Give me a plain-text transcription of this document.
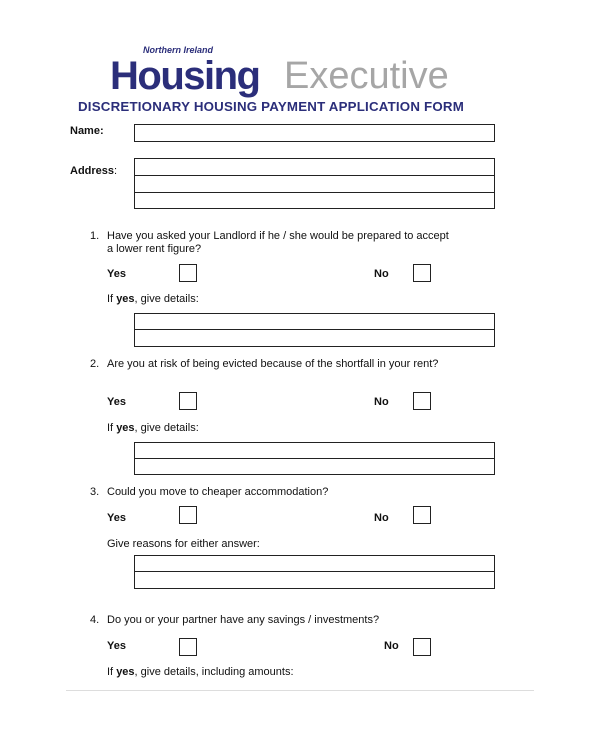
Northern Ireland
Housing Executive
DISCRETIONARY HOUSING PAYMENT APPLICATION FORM
Name:
Address:
1. Have you asked your Landlord if he / she would be prepared to accept
a lower rent figure?
Yes	No
If yes, give details:
2. Are you at risk of being evicted because of the shortfall in your rent?
Yes	No
If yes, give details:
3. Could you move to cheaper accommodation?
Yes	No
Give reasons for either answer:
4. Do you or your partner have any savings / investments?
Yes	No
If yes, give details, including amounts:
